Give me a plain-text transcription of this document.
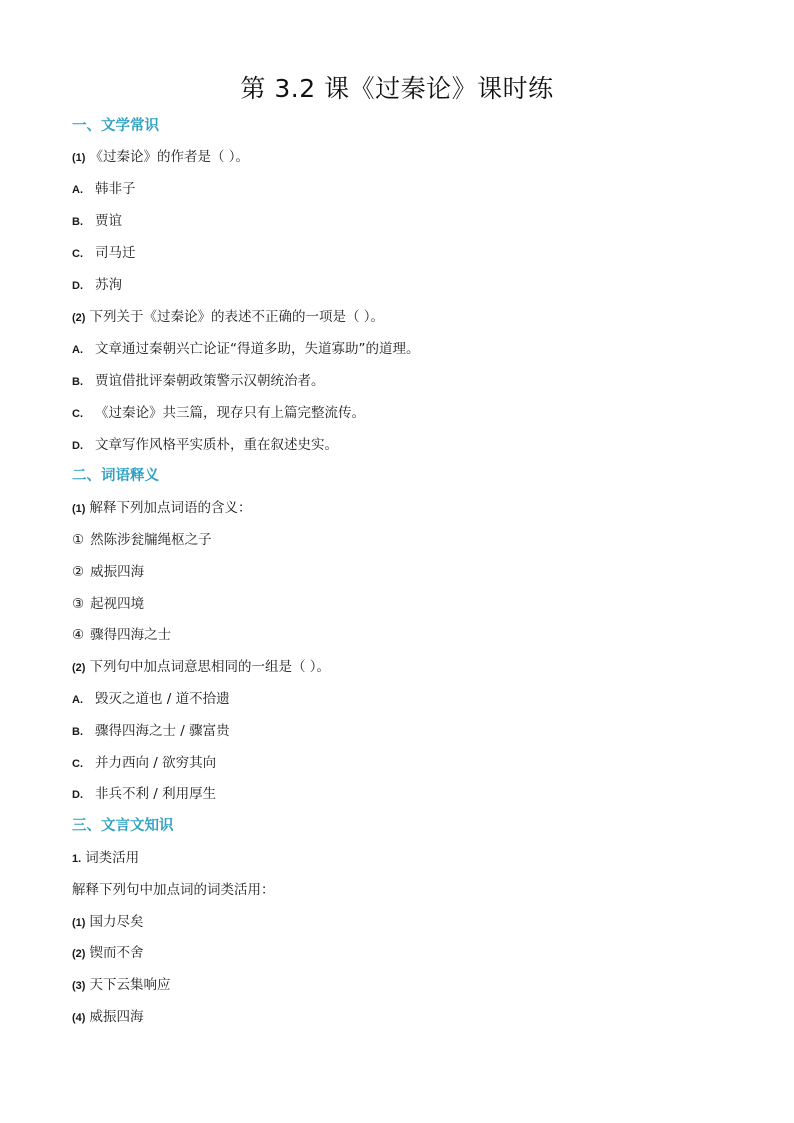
第 3.2 课《过秦论》课时练
一、文学常识
(1) 《过秦论》的作者是（ ）。
A. 韩非子
B. 贾谊
C. 司马迁
D. 苏洵
(2) 下列关于《过秦论》的表述不正确的一项是（ ）。
A. 文章通过秦朝兴亡论证“得道多助，失道寡助”的道理。
B. 贾谊借批评秦朝政策警示汉朝统治者。
C. 《过秦论》共三篇，现存只有上篇完整流传。
D. 文章写作风格平实质朴，重在叙述史实。
二、词语释义
(1) 解释下列加点词语的含义：
① 然陈涉瓮牖绳枢之子
② 威振四海
③ 起视四境
④ 骤得四海之士
(2) 下列句中加点词意思相同的一组是（ ）。
A. 毁灭之道也 / 道不拾遗
B. 骤得四海之士 / 骤富贵
C. 并力西向 / 欲穷其向
D. 非兵不利 / 利用厚生
三、文言文知识
1. 词类活用
解释下列句中加点词的词类活用：
(1) 国力尽矣
(2) 锲而不舍
(3) 天下云集响应
(4) 威振四海
